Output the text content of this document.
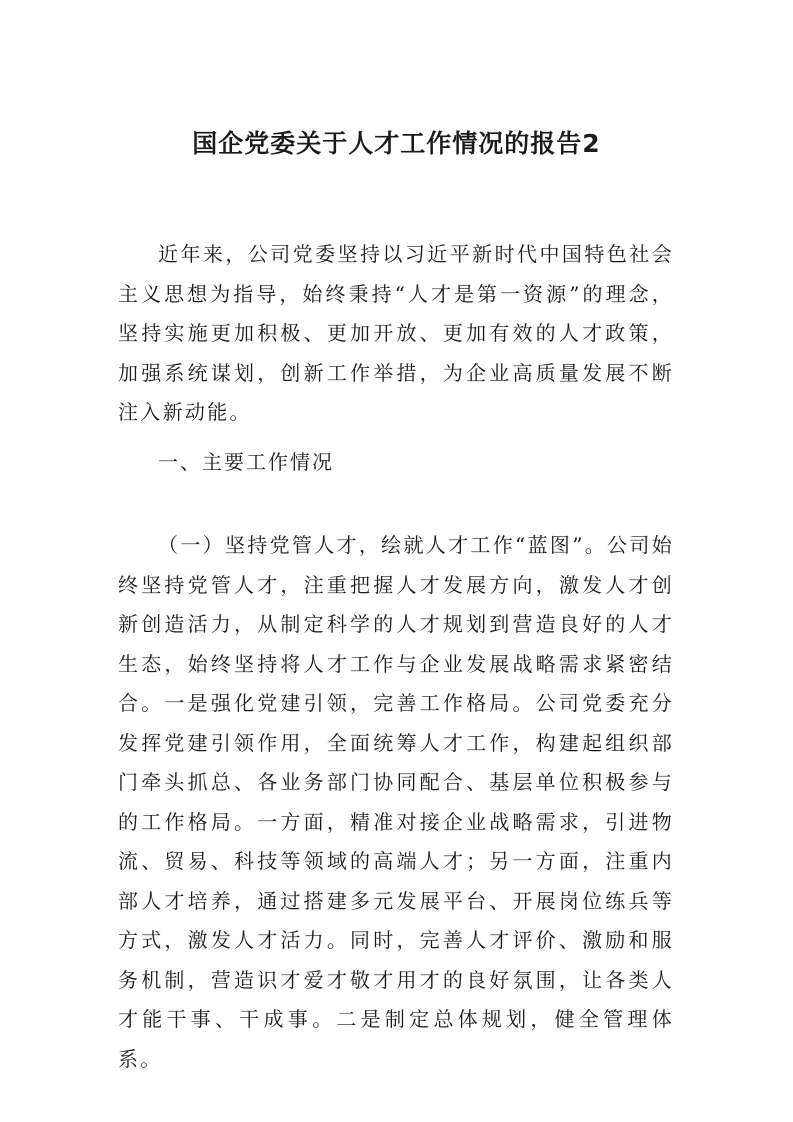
国企党委关于人才工作情况的报告2

近年来，公司党委坚持以习近平新时代中国特色社会主义思想为指导，始终秉持“人才是第一资源”的理念，坚持实施更加积极、更加开放、更加有效的人才政策，加强系统谋划，创新工作举措，为企业高质量发展不断注入新动能。

一、主要工作情况

（一）坚持党管人才，绘就人才工作“蓝图”。公司始终坚持党管人才，注重把握人才发展方向，激发人才创新创造活力，从制定科学的人才规划到营造良好的人才生态，始终坚持将人才工作与企业发展战略需求紧密结合。一是强化党建引领，完善工作格局。公司党委充分发挥党建引领作用，全面统筹人才工作，构建起组织部门牵头抓总、各业务部门协同配合、基层单位积极参与的工作格局。一方面，精准对接企业战略需求，引进物流、贸易、科技等领域的高端人才；另一方面，注重内部人才培养，通过搭建多元发展平台、开展岗位练兵等方式，激发人才活力。同时，完善人才评价、激励和服务机制，营造识才爱才敬才用才的良好氛围，让各类人才能干事、干成事。二是制定总体规划，健全管理体系。
